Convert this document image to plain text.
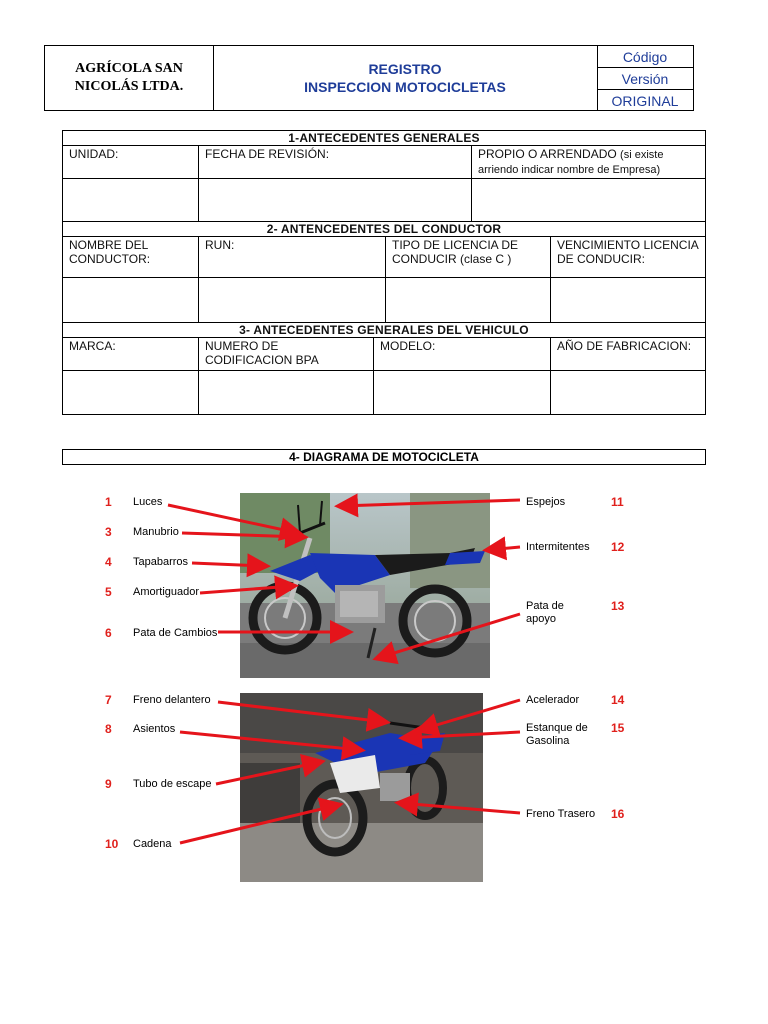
AGRÍCOLA SAN
NICOLÁS LTDA.
REGISTRO
INSPECCION MOTOCICLETAS
Código
Versión
ORIGINAL
1-ANTECEDENTES GENERALES					
UNIDAD:	FECHA DE REVISIÓN:			PROPIO O ARRENDADO (si existe
arriendo indicar nombre de Empresa)	

2- ANTENCEDENTES DEL CONDUCTOR					
NOMBRE DEL
CONDUCTOR:	RUN:		TIPO DE LICENCIA DE
CONDUCIR (clase C )		VENCIMIENTO LICENCIA
DE CONDUCIR:

3- ANTECEDENTES GENERALES DEL VEHICULO					
MARCA:	NUMERO DE
CODIFICACION BPA	MODELO:			AÑO DE FABRICACION:

4- DIAGRAMA DE MOTOCICLETA
1 Luces
3 Manubrio
4 Tapabarros
5 Amortiguador
6 Pata de Cambios
Espejos	11
Intermitentes 12
Pata de
apoyo
13
7 Freno delantero
8 Asientos
9 Tubo de escape
10 Cadena
Acelerador	14
Estanque de
Gasolina
15
Freno Trasero 16
